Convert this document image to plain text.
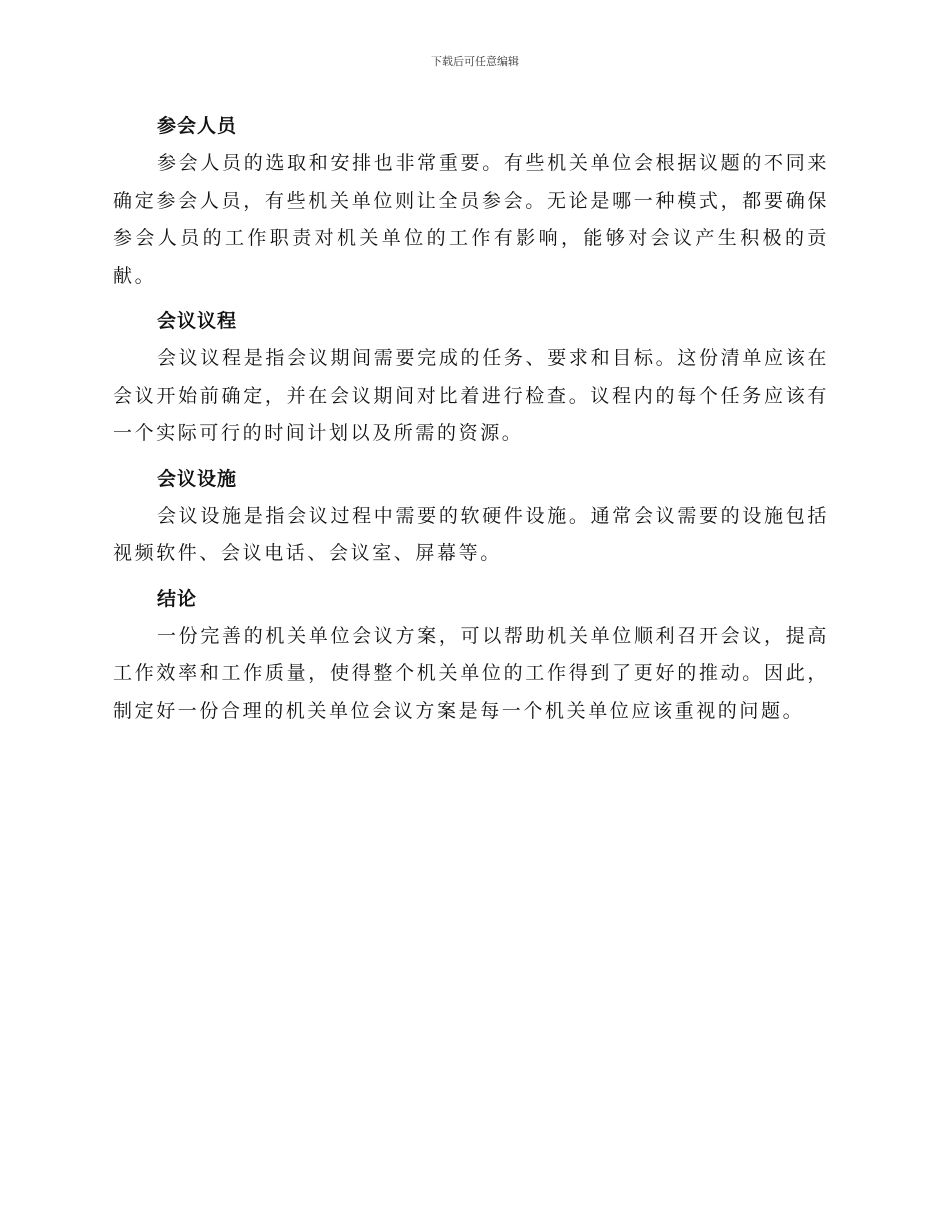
下载后可任意编辑
参会人员

参会人员的选取和安排也非常重要。有些机关单位会根据议题的不同来确定参会人员，有些机关单位则让全员参会。无论是哪一种模式，都要确保参会人员的工作职责对机关单位的工作有影响，能够对会议产生积极的贡献。

会议议程

会议议程是指会议期间需要完成的任务、要求和目标。这份清单应该在会议开始前确定，并在会议期间对比着进行检查。议程内的每个任务应该有一个实际可行的时间计划以及所需的资源。

会议设施

会议设施是指会议过程中需要的软硬件设施。通常会议需要的设施包括视频软件、会议电话、会议室、屏幕等。

结论

一份完善的机关单位会议方案，可以帮助机关单位顺利召开会议，提高工作效率和工作质量，使得整个机关单位的工作得到了更好的推动。因此，制定好一份合理的机关单位会议方案是每一个机关单位应该重视的问题。
